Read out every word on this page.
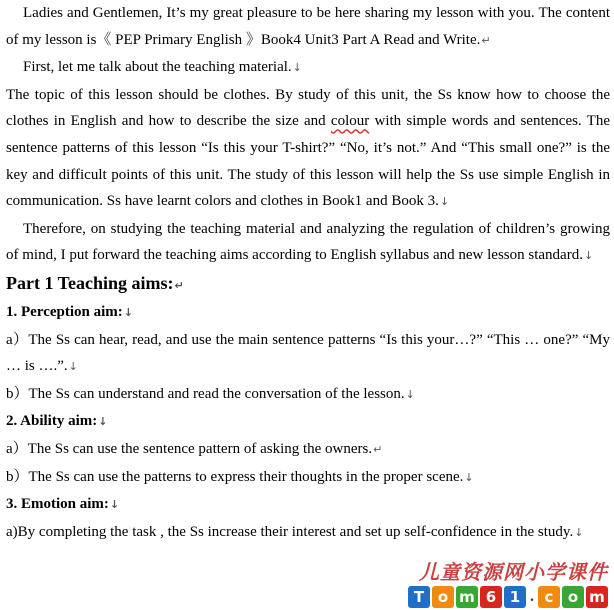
Ladies and Gentlemen, It’s my great pleasure to be here sharing my lesson with you. The content of my lesson is《 PEP Primary English 》Book4 Unit3 Part A Read and Write.↵

First, let me talk about the teaching material.↓

The topic of this lesson should be clothes. By study of this unit, the Ss know how to choose the clothes in English and how to describe the size and colour with simple words and sentences. The sentence patterns of this lesson “Is this your T-shirt?” “No, it’s not.” And “This small one?” is the key and difficult points of this unit. The study of this lesson will help the Ss use simple English in communication. Ss have learnt colors and clothes in Book1 and Book 3.↓

Therefore, on studying the teaching material and analyzing the regulation of children’s growing of mind, I put forward the teaching aims according to English syllabus and new lesson standard.↓

Part 1 Teaching aims:↵
1. Perception aim:↓

a）The Ss can hear, read, and use the main sentence patterns “Is this your…?” “This … one?” “My … is ….”.↓

b）The Ss can understand and read the conversation of the lesson.↓

2. Ability aim:↓

a）The Ss can use the sentence pattern of asking the owners.↵

b）The Ss can use the patterns to express their thoughts in the proper scene.↓

3. Emotion aim:↓

a)By completing the task , the Ss increase their interest and set up self-confidence in the study.↓

儿童资源网小学课件
T o m 6 1 . c o m
